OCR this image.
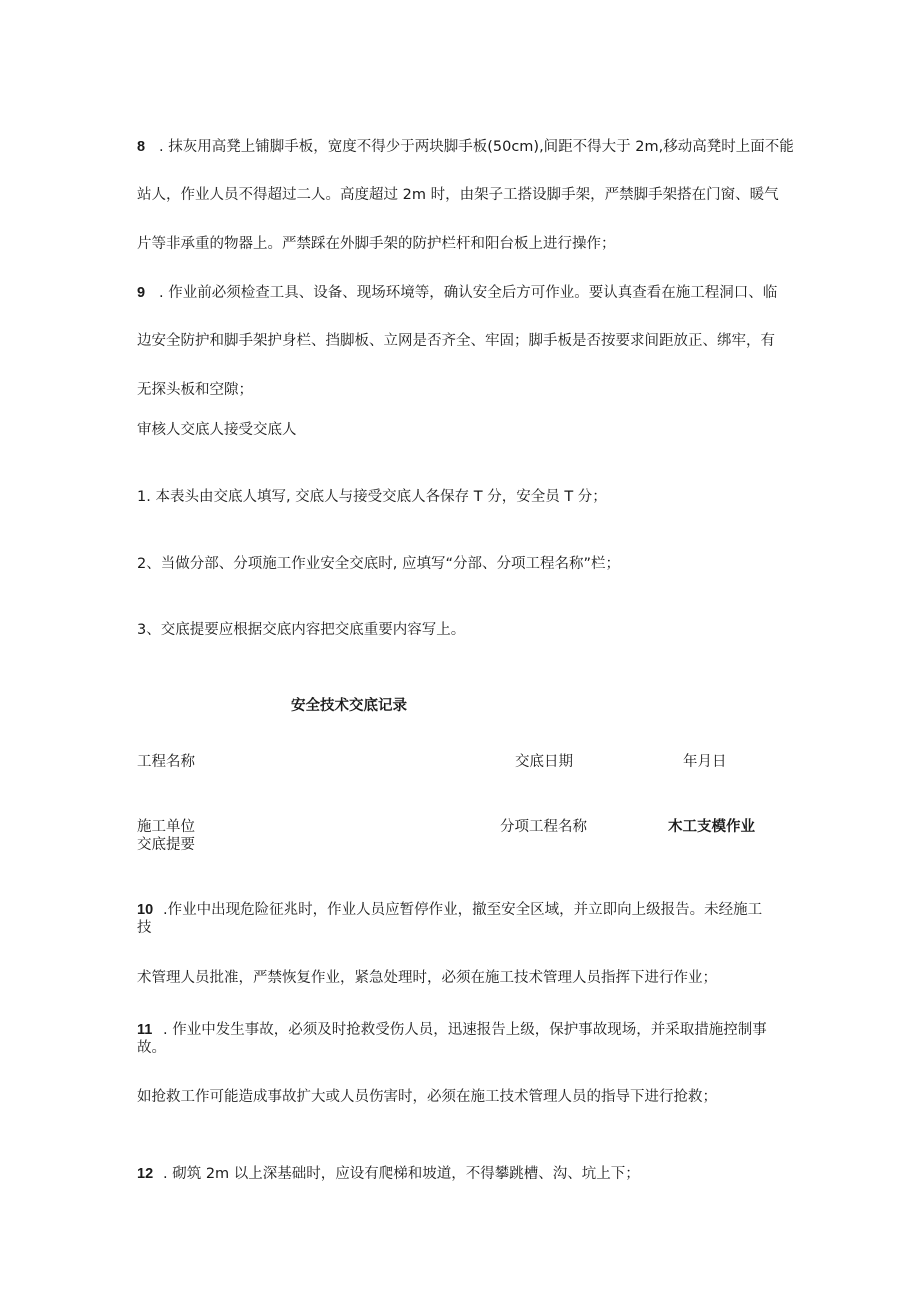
8 . 抹灰用高凳上铺脚手板，宽度不得少于两块脚手板(50cm),间距不得大于 2m,移动高凳时上面不能
站人，作业人员不得超过二人。高度超过 2m 时，由架子工搭设脚手架，严禁脚手架搭在门窗、暖气
片等非承重的物器上。严禁踩在外脚手架的防护栏杆和阳台板上进行操作；
9 . 作业前必须检查工具、设备、现场环境等，确认安全后方可作业。要认真查看在施工程洞口、临
边安全防护和脚手架护身栏、挡脚板、立网是否齐全、牢固；脚手板是否按要求间距放正、绑牢，有
无探头板和空隙；
审核人交底人接受交底人
1. 本表头由交底人填写, 交底人与接受交底人各保存 T 分，安全员 T 分；
2、当做分部、分项施工作业安全交底时, 应填写“分部、分项工程名称”栏；
3、交底提要应根据交底内容把交底重要内容写上。
安全技术交底记录
工程名称	交底日期	年月日
施工单位	分项工程名称	木工支模作业
交底提要
10 .作业中出现危险征兆时，作业人员应暂停作业，撤至安全区域，并立即向上级报告。未经施工
技
术管理人员批准，严禁恢复作业，紧急处理时，必须在施工技术管理人员指挥下进行作业；
11 . 作业中发生事故，必须及时抢救受伤人员，迅速报告上级，保护事故现场，并采取措施控制事
故。
如抢救工作可能造成事故扩大或人员伤害时，必须在施工技术管理人员的指导下进行抢救；
12 . 砌筑 2m 以上深基础时，应设有爬梯和坡道，不得攀跳槽、沟、坑上下；
